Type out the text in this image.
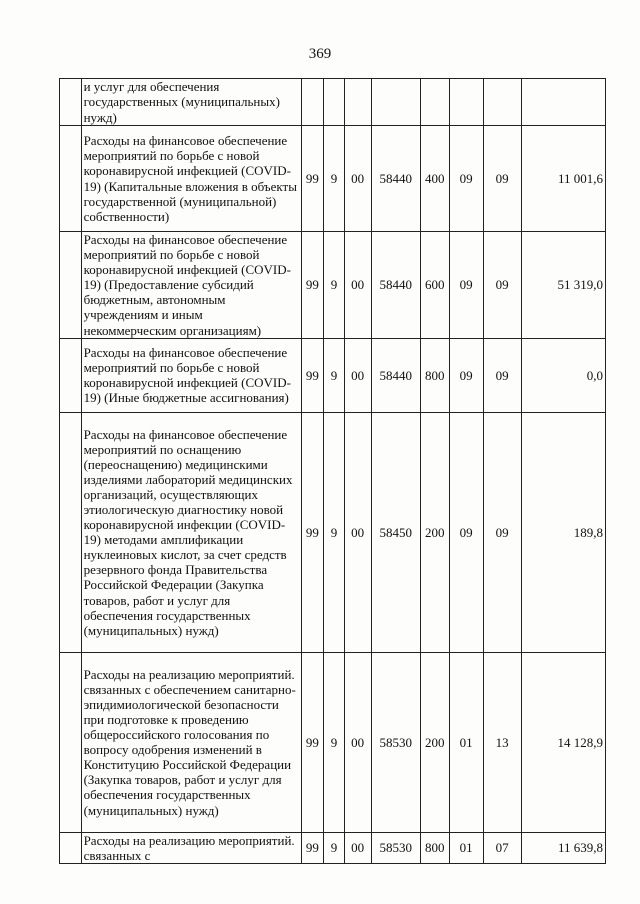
369
	и услуг для обеспечения государственных (муниципальных) нужд)								
	Расходы на финансовое обеспечение мероприятий по борьбе с новой коронавирусной инфекцией (COVID-19) (Капитальные вложения в объекты государственной (муниципальной) собственности)	99	9	00	58440	400	09	09	11 001,6
	Расходы на финансовое обеспечение мероприятий по борьбе с новой коронавирусной инфекцией (COVID-19) (Предоставление субсидий бюджетным, автономным учреждениям и иным некоммерческим организациям)	99	9	00	58440	600	09	09	51 319,0
	Расходы на финансовое обеспечение мероприятий по борьбе с новой коронавирусной инфекцией (COVID-19) (Иные бюджетные ассигнования)	99	9	00	58440	800	09	09	0,0
	Расходы на финансовое обеспечение мероприятий по оснащению (переоснащению) медицинскими изделиями лабораторий медицинских организаций, осуществляющих этиологическую диагностику новой коронавирусной инфекции (COVID-19) методами амплификации нуклеиновых кислот, за счет средств резервного фонда Правительства Российской Федерации (Закупка товаров, работ и услуг для обеспечения государственных (муниципальных) нужд)	99	9	00	58450	200	09	09	189,8
	Расходы на реализацию мероприятий. связанных с обеспечением санитарно-эпидимиологической безопасности при подготовке к проведению общероссийского голосования по вопросу одобрения изменений в Конституцию Российской Федерации (Закупка товаров, работ и услуг для обеспечения государственных (муниципальных) нужд)	99	9	00	58530	200	01	13	14 128,9
	Расходы на реализацию мероприятий. связанных с	99	9	00	58530	800	01	07	11 639,8
